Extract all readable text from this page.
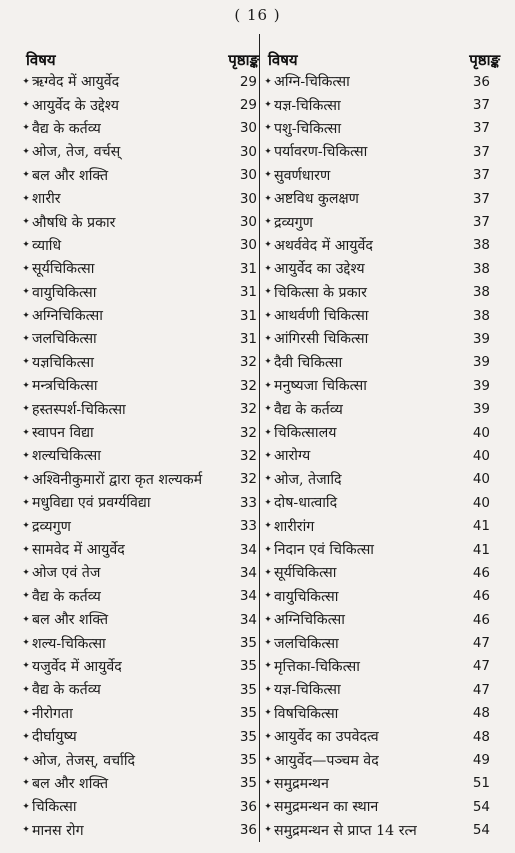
( 16 )
विषय	पृष्ठाङ्क
✦ ऋग्वेद में आयुर्वेद	29
✦ आयुर्वेद के उद्देश्य	29
✦ वैद्य के कर्तव्य	30
✦ ओज, तेज, वर्चस्	30
✦ बल और शक्ति	30
✦ शारीर	30
✦ औषधि के प्रकार	30
✦ व्याधि	30
✦ सूर्यचिकित्सा	31
✦ वायुचिकित्सा	31
✦ अग्निचिकित्सा	31
✦ जलचिकित्सा	31
✦ यज्ञचिकित्सा	32
✦ मन्त्रचिकित्सा	32
✦ हस्तस्पर्श-चिकित्सा	32
✦ स्वापन विद्या	32
✦ शल्यचिकित्सा	32
✦ अश्विनीकुमारों द्वारा कृत शल्यकर्म	32
✦ मधुविद्या एवं प्रवर्ग्यविद्या	33
✦ द्रव्यगुण	33
✦ सामवेद में आयुर्वेद	34
✦ ओज एवं तेज	34
✦ वैद्य के कर्तव्य	34
✦ बल और शक्ति	34
✦ शल्य-चिकित्सा	35
✦ यजुर्वेद में आयुर्वेद	35
✦ वैद्य के कर्तव्य	35
✦ नीरोगता	35
✦ दीर्घायुष्य	35
✦ ओज, तेजस्, वर्चादि	35
✦ बल और शक्ति	35
✦ चिकित्सा	36
✦ मानस रोग	36
विषय	पृष्ठाङ्क
✦ अग्नि-चिकित्सा	36
✦ यज्ञ-चिकित्सा	37
✦ पशु-चिकित्सा	37
✦ पर्यावरण-चिकित्सा	37
✦ सुवर्णधारण	37
✦ अष्टविध कुलक्षण	37
✦ द्रव्यगुण	37
✦ अथर्ववेद में आयुर्वेद	38
✦ आयुर्वेद का उद्देश्य	38
✦ चिकित्सा के प्रकार	38
✦ आथर्वणी चिकित्सा	38
✦ आंगिरसी चिकित्सा	39
✦ दैवी चिकित्सा	39
✦ मनुष्यजा चिकित्सा	39
✦ वैद्य के कर्तव्य	39
✦ चिकित्सालय	40
✦ आरोग्य	40
✦ ओज, तेजादि	40
✦ दोष-धात्वादि	40
✦ शारीरांग	41
✦ निदान एवं चिकित्सा	41
✦ सूर्यचिकित्सा	46
✦ वायुचिकित्सा	46
✦ अग्निचिकित्सा	46
✦ जलचिकित्सा	47
✦ मृत्तिका-चिकित्सा	47
✦ यज्ञ-चिकित्सा	47
✦ विषचिकित्सा	48
✦ आयुर्वेद का उपवेदत्व	48
✦ आयुर्वेद—पञ्चम वेद	49
✦ समुद्रमन्थन	51
✦ समुद्रमन्थन का स्थान	54
✦ समुद्रमन्थन से प्राप्त 14 रत्न	54
